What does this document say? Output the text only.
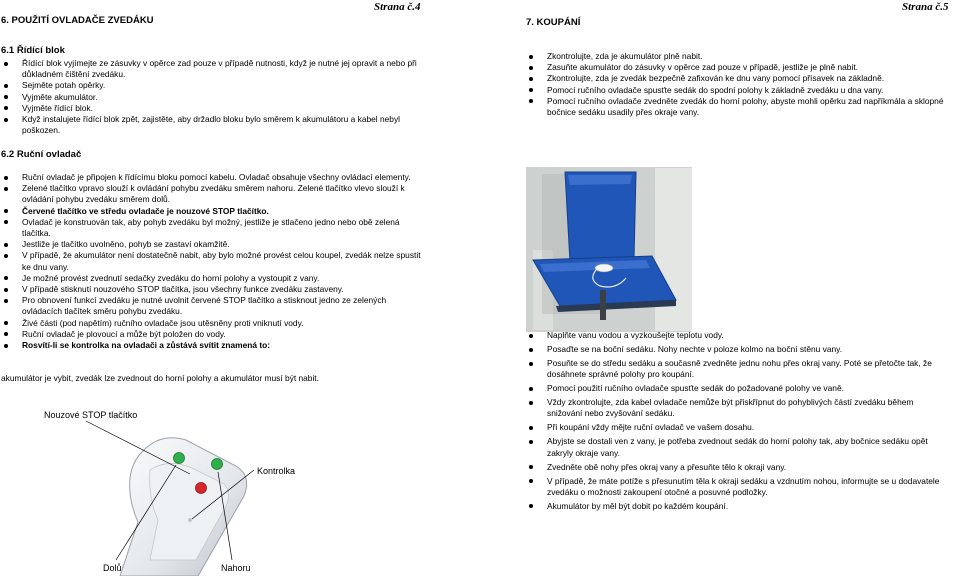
Strana č.4
6. POUŽITÍ OVLADAČE ZVEDÁKU
6.1 Řídící blok
Řídící blok vyjímejte ze zásuvky v opěrce zad pouze v případě nutnosti, když je nutné jej opravit a nebo při důkladném čištění zvedáku.
Sejměte potah opěrky.
Vyjměte akumulátor.
Vyjměte řídící blok.
Když instalujete řídící blok zpět, zajistěte, aby držadlo bloku bylo směrem k akumulátoru a kabel nebyl poškozen.
6.2 Ruční ovladač
Ruční ovladač je připojen k řídícímu bloku pomocí kabelu. Ovladač obsahuje všechny ovládací elementy.
Zelené tlačítko vpravo slouží k ovládání pohybu zvedáku směrem nahoru. Zelené tlačítko vlevo slouží k ovládání pohybu zvedáku směrem dolů.
Červené tlačítko ve středu ovladače je nouzové STOP tlačítko.
Ovladač je konstruován tak, aby pohyb zvedáku byl možný, jestliže je stlačeno jedno nebo obě zelená tlačítka.
Jestliže je tlačítko uvolněno, pohyb se zastaví okamžitě.
V případě, že akumulátor není dostatečně nabit, aby bylo možné provést celou koupel, zvedák nelze spustit ke dnu vany.
Je možné provést zvednutí sedačky zvedáku do horní polohy a vystoupit z vany.
V případě stisknutí nouzového STOP tlačítka, jsou všechny funkce zvedáku zastaveny.
Pro obnovení funkcí zvedáku je nutné uvolnit červené STOP tlačítko a stisknout jedno ze zelených ovládacích tlačítek směru pohybu zvedáku.
Živé části (pod napětím) ručního ovladače jsou utěsněny proti vniknutí vody.
Ruční ovladač je plovoucí a může být položen do vody.
Rosvítí-li se kontrolka na ovladači a zůstává svítit znamená to:
akumulátor je vybit, zvedák lze zvednout do horní polohy a akumulátor musí být nabit.
Nouzové STOP tlačítko
Kontrolka
Dolů	Nahoru
Strana č.5
7. KOUPÁNÍ
Zkontrolujte, zda je akumulátor plně nabit.
Zasuňte akumulátor do zásuvky v opěrce zad pouze v případě, jestliže je plně nabit.
Zkontrolujte, zda je zvedák bezpečně zafixován ke dnu vany pomocí přísavek na základně.
Pomocí ručního ovladače spusťte sedák do spodní polohy k základně zvedáku u dna vany.
Pomocí ručního ovladače zvedněte zvedák do horní polohy, abyste mohli opěrku zad napříkmála a sklopné bočnice sedáku usadily přes okraje vany.
Naplňte vanu vodou a vyzkoušejte teplotu vody.
Posaďte se na boční sedáku. Nohy nechte v poloze kolmo na boční stěnu vany.
Posuňte se do středu sedáku a současně zvedněte jednu nohu přes okraj vany. Poté se přetočte tak, že dosáhnete správné polohy pro koupání.
Pomocí použití ručního ovladače spusťte sedák do požadované polohy ve vaně.
Vždy zkontrolujte, zda kabel ovladače nemůže být přiskřípnut do pohyblivých částí zvedáku během snižování nebo zvyšování sedáku.
Při koupání vždy mějte ruční ovladač ve vašem dosahu.
Abyjste se dostali ven z vany, je potřeba zvednout sedák do horní polohy tak, aby bočnice sedáku opět zakryly okraje vany.
Zvedněte obě nohy přes okraj vany a přesuňte tělo k okraji vany.
V případě, že máte potíže s přesunutím těla k okraji sedáku a vzdnutím nohou, informujte se u dodavatele zvedáku o možnosti zakoupení otočné a posuvné podložky.
Akumulátor by měl být dobit po každém koupání.
